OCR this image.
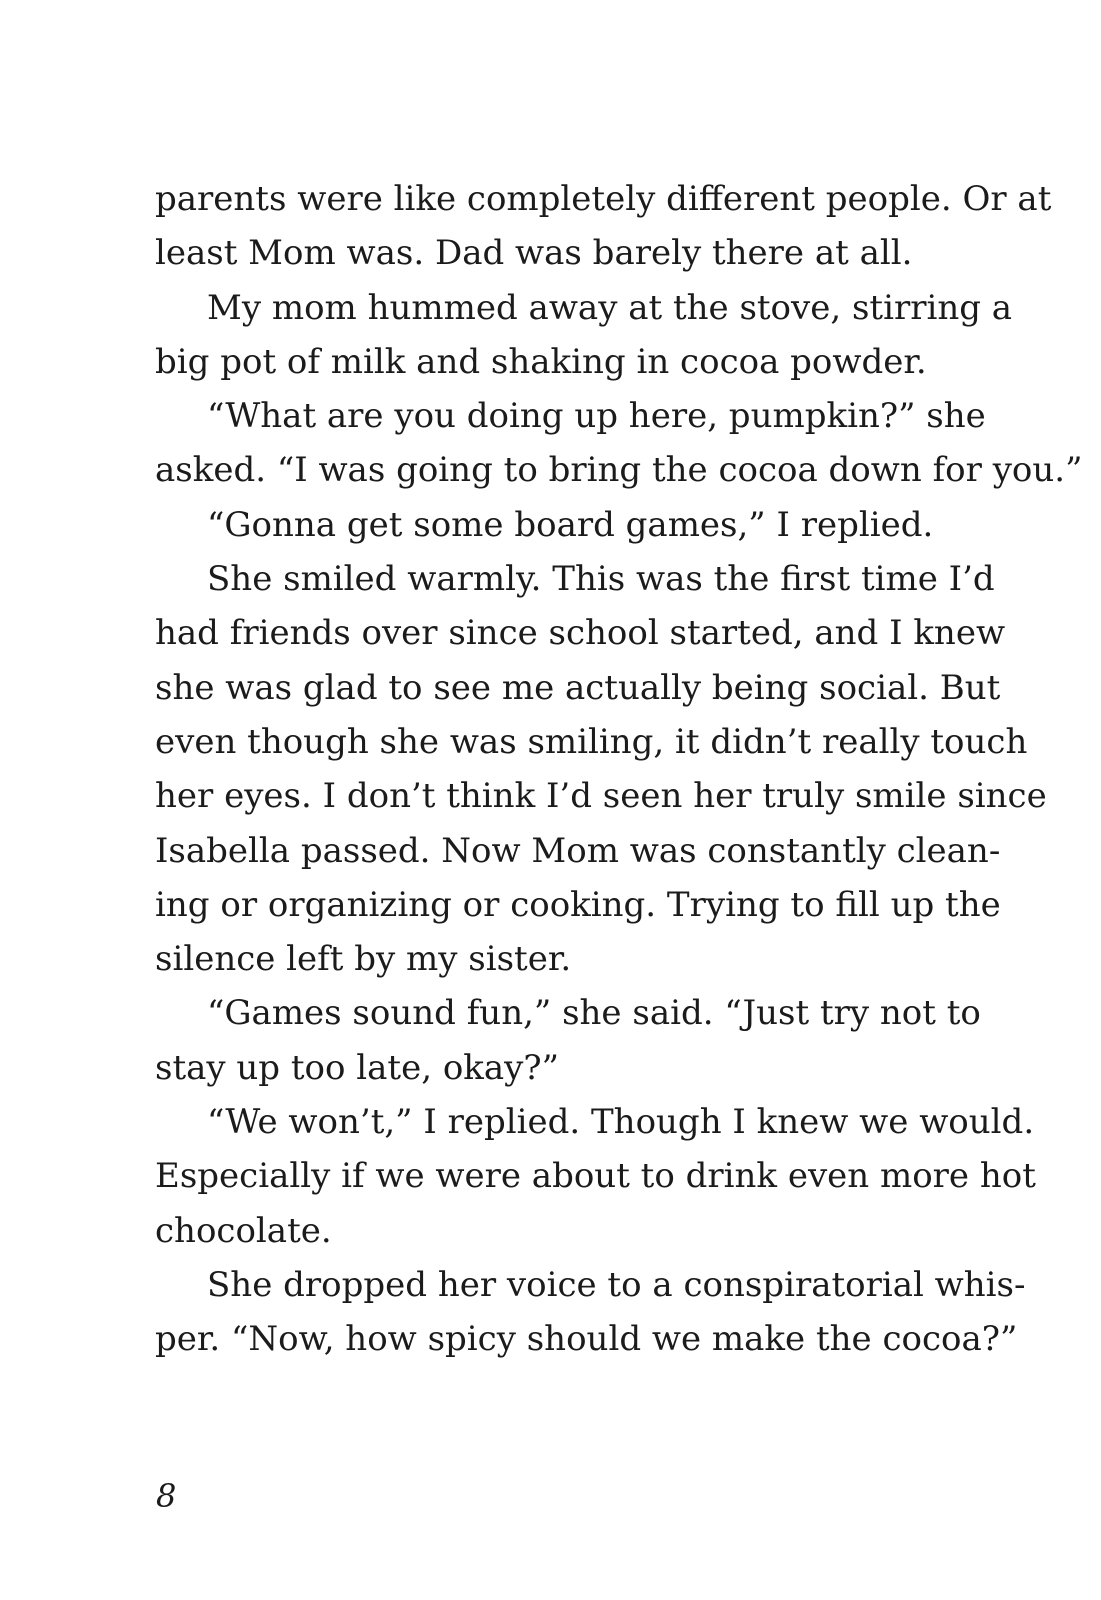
parents were like completely different people. Or at
least Mom was. Dad was barely there at all.
My mom hummed away at the stove, stirring a
big pot of milk and shaking in cocoa powder.
“What are you doing up here, pumpkin?” she
asked. “I was going to bring the cocoa down for you.”
“Gonna get some board games,” I replied.
She smiled warmly. This was the first time I’d
had friends over since school started, and I knew
she was glad to see me actually being social. But
even though she was smiling, it didn’t really touch
her eyes. I don’t think I’d seen her truly smile since
Isabella passed. Now Mom was constantly clean-
ing or organizing or cooking. Trying to fill up the
silence left by my sister.
“Games sound fun,” she said. “Just try not to
stay up too late, okay?”
“We won’t,” I replied. Though I knew we would.
Especially if we were about to drink even more hot
chocolate.
She dropped her voice to a conspiratorial whis-
per. “Now, how spicy should we make the cocoa?”
8
